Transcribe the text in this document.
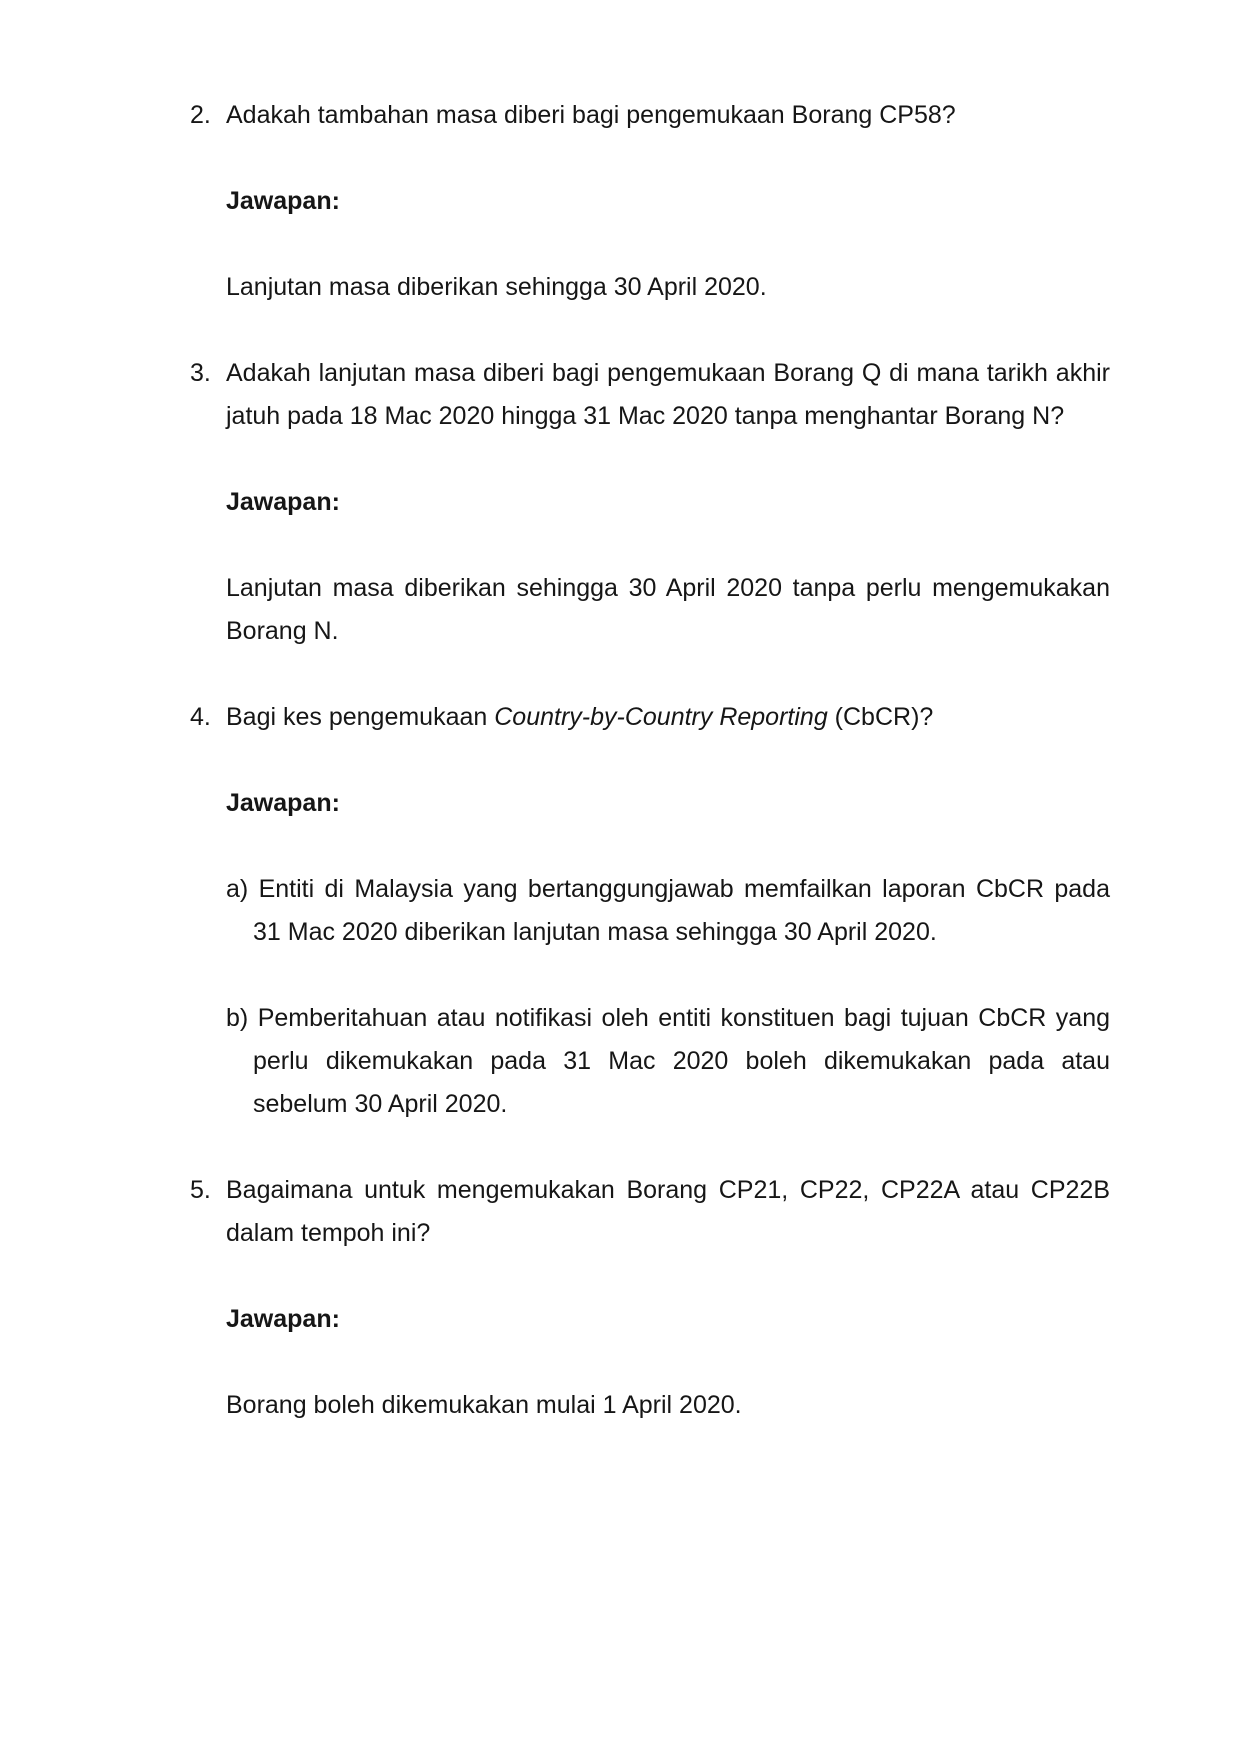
2. Adakah tambahan masa diberi bagi pengemukaan Borang CP58?

Jawapan:

Lanjutan masa diberikan sehingga 30 April 2020.

3. Adakah lanjutan masa diberi bagi pengemukaan Borang Q di mana tarikh akhir jatuh pada 18 Mac 2020 hingga 31 Mac 2020 tanpa menghantar Borang N?

Jawapan:

Lanjutan masa diberikan sehingga 30 April 2020 tanpa perlu mengemukakan Borang N.

4. Bagi kes pengemukaan Country-by-Country Reporting (CbCR)?

Jawapan:

a) Entiti di Malaysia yang bertanggungjawab memfailkan laporan CbCR pada 31 Mac 2020 diberikan lanjutan masa sehingga 30 April 2020.

b) Pemberitahuan atau notifikasi oleh entiti konstituen bagi tujuan CbCR yang perlu dikemukakan pada 31 Mac 2020 boleh dikemukakan pada atau sebelum 30 April 2020.

5. Bagaimana untuk mengemukakan Borang CP21, CP22, CP22A atau CP22B dalam tempoh ini?

Jawapan:

Borang boleh dikemukakan mulai 1 April 2020.
